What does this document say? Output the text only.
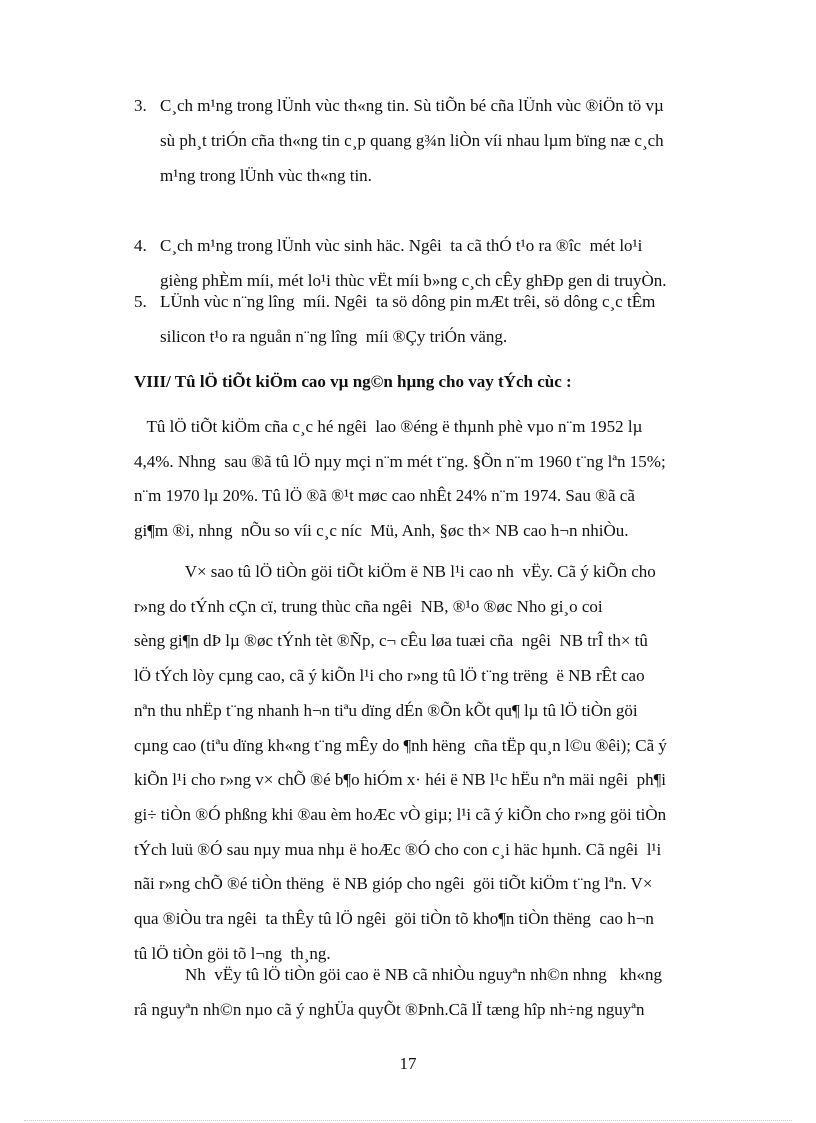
3. C¸ch m¹ng trong lÜnh vùc th«ng tin. Sù tiÕn bé cña lÜnh vùc ®iÖn tö vµ
sù ph¸t triÓn cña th«ng tin c¸p quang g¾n liÒn víi nhau lµm bïng næ c¸ch
m¹ng trong lÜnh vùc th«ng tin.
4. C¸ch m¹ng trong lÜnh vùc sinh häc. Ngêi  ta cã thÓ t¹o ra ®îc  mét lo¹i
gièng phÈm míi, mét lo¹i thùc vËt míi b»ng c¸ch cÊy ghÐp gen di truyÒn.
5. LÜnh vùc n¨ng lîng  míi. Ngêi  ta sö dông pin mÆt trêi, sö dông c¸c tÊm
silicon t¹o ra nguån n¨ng lîng  míi ®Çy triÓn väng.
VIII/ Tû lÖ tiÕt kiÖm cao vµ ng©n hµng cho vay tÝch cùc :
Tû lÖ tiÕt kiÖm cña c¸c hé ngêi  lao ®éng ë thµnh phè vµo n¨m 1952 lµ
4,4%. Nhng  sau ®ã tû lÖ nµy mçi n¨m mét t¨ng. §Õn n¨m 1960 t¨ng lªn 15%;
n¨m 1970 lµ 20%. Tû lÖ ®ã ®¹t møc cao nhÊt 24% n¨m 1974. Sau ®ã cã
gi¶m ®i, nhng  nÕu so víi c¸c níc  Mü, Anh, §øc th× NB cao h¬n nhiÒu.
V× sao tû lÖ tiÒn göi tiÕt kiÖm ë NB l¹i cao nh  vËy. Cã ý kiÕn cho
r»ng do tÝnh cÇn cï, trung thùc cña ngêi  NB, ®¹o ®øc Nho gi¸o coi
sèng gi¶n dÞ lµ ®øc tÝnh tèt ®Ñp, c¬ cÊu løa tuæi cña  ngêi  NB trÎ th× tû
lÖ tÝch lòy cµng cao, cã ý kiÕn l¹i cho r»ng tû lÖ t¨ng trëng  ë NB rÊt cao
nªn thu nhËp t¨ng nhanh h¬n tiªu dïng dÉn ®Õn kÕt qu¶ lµ tû lÖ tiÒn göi
cµng cao (tiªu dïng kh«ng t¨ng mÊy do ¶nh hëng  cña tËp qu¸n l©u ®êi); Cã ý
kiÕn l¹i cho r»ng v× chÕ ®é b¶o hiÓm x· héi ë NB l¹c hËu nªn mäi ngêi  ph¶i
gi÷ tiÒn ®Ó phßng khi ®au èm hoÆc vÒ giµ; l¹i cã ý kiÕn cho r»ng göi tiÒn
tÝch luü ®Ó sau nµy mua nhµ ë hoÆc ®Ó cho con c¸i häc hµnh. Cã ngêi  l¹i
nãi r»ng chÕ ®é tiÒn thëng  ë NB gióp cho ngêi  göi tiÕt kiÖm t¨ng lªn. V×
qua ®iÒu tra ngêi  ta thÊy tû lÖ ngêi  göi tiÒn tõ kho¶n tiÒn thëng  cao h¬n
tû lÖ tiÒn göi tõ l¬ng  th¸ng.
Nh  vËy tû lÖ tiÒn göi cao ë NB cã nhiÒu nguyªn nh©n nhng   kh«ng
râ nguyªn nh©n nµo cã ý nghÜa quyÕt ®Þnh.Cã lÏ tæng hîp nh÷ng nguyªn
17
